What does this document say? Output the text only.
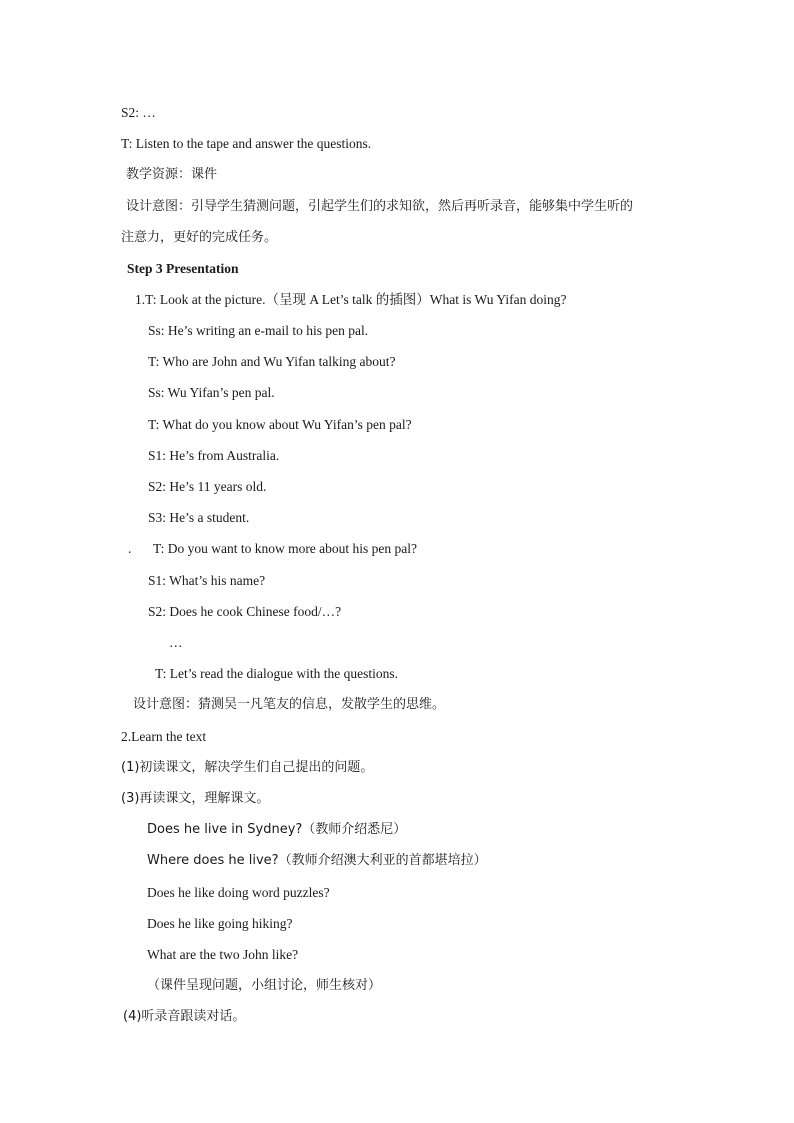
S2: …
T: Listen to the tape and answer the questions.
教学资源：课件
设计意图：引导学生猜测问题，引起学生们的求知欲，然后再听录音，能够集中学生听的
注意力，更好的完成任务。
Step 3 Presentation
1.T: Look at the picture.（呈现 A Let’s talk 的插图）What is Wu Yifan doing?
Ss: He’s writing an e-mail to his pen pal.
T: Who are John and Wu Yifan talking about?
Ss: Wu Yifan’s pen pal.
T: What do you know about Wu Yifan’s pen pal?
S1: He’s from Australia.
S2: He’s 11 years old.
S3: He’s a student.
. T: Do you want to know more about his pen pal?
S1: What’s his name?
S2: Does he cook Chinese food/…?
…
T: Let’s read the dialogue with the questions.
设计意图：猜测吴一凡笔友的信息，发散学生的思维。
2.Learn the text
(1)初读课文，解决学生们自己提出的问题。
(3)再读课文，理解课文。
Does he live in Sydney?（教师介绍悉尼）
Where does he live?（教师介绍澳大利亚的首都堪培拉）
Does he like doing word puzzles?
Does he like going hiking?
What are the two John like?
（课件呈现问题，小组讨论，师生核对）
(4)听录音跟读对话。
